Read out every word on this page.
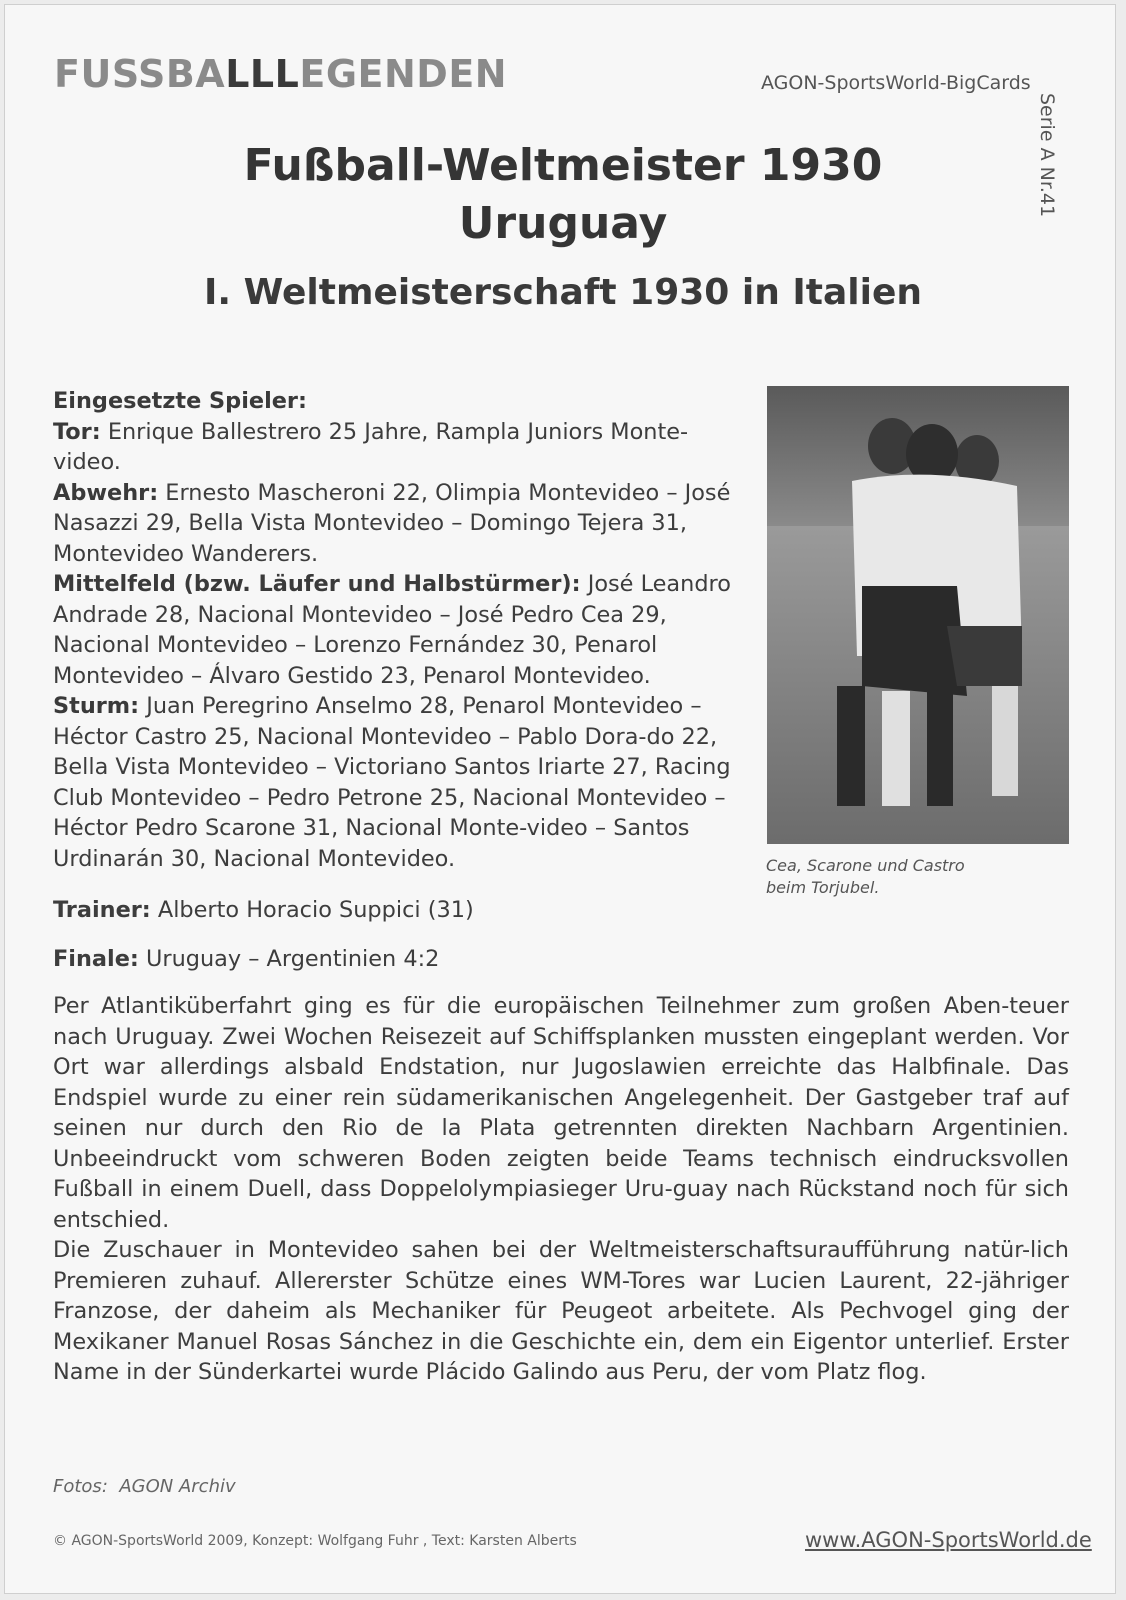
FUSSBALLLEGENDEN	AGON-SportsWorld-BigCards
Serie A Nr.41
Fußball-Weltmeister 1930
Uruguay
I. Weltmeisterschaft 1930 in Italien

Eingesetzte Spieler:

Tor: Enrique Ballestrero 25 Jahre, Rampla Juniors Monte-video.

Abwehr: Ernesto Mascheroni 22, Olimpia Montevideo – José Nasazzi 29, Bella Vista Montevideo – Domingo Tejera 31, Montevideo Wanderers.

Mittelfeld (bzw. Läufer und Halbstürmer): José Leandro Andrade 28, Nacional Montevideo – José Pedro Cea 29, Nacional Montevideo – Lorenzo Fernández 30, Penarol Montevideo – Álvaro Gestido 23, Penarol Montevideo.

Sturm: Juan Peregrino Anselmo 28, Penarol Montevideo – Héctor Castro 25, Nacional Montevideo – Pablo Dora-do 22, Bella Vista Montevideo – Victoriano Santos Iriarte 27, Racing Club Montevideo – Pedro Petrone 25, Nacional Montevideo – Héctor Pedro Scarone 31, Nacional Monte-video – Santos Urdinarán 30, Nacional Montevideo.	Cea, Scarone und Castro
beim Torjubel.
Trainer: Alberto Horacio Suppici (31)
Finale: Uruguay – Argentinien 4:2

Per Atlantiküberfahrt ging es für die europäischen Teilnehmer zum großen Aben-teuer nach Uruguay. Zwei Wochen Reisezeit auf Schiffsplanken mussten eingeplant werden. Vor Ort war allerdings alsbald Endstation, nur Jugoslawien erreichte das Halbfinale. Das Endspiel wurde zu einer rein südamerikanischen Angelegenheit. Der Gastgeber traf auf seinen nur durch den Rio de la Plata getrennten direkten Nachbarn Argentinien. Unbeeindruckt vom schweren Boden zeigten beide Teams technisch eindrucksvollen Fußball in einem Duell, dass Doppelolympiasieger Uru-guay nach Rückstand noch für sich entschied.

Die Zuschauer in Montevideo sahen bei der Weltmeisterschaftsuraufführung natür-lich Premieren zuhauf. Allererster Schütze eines WM-Tores war Lucien Laurent, 22-jähriger Franzose, der daheim als Mechaniker für Peugeot arbeitete. Als Pechvogel ging der Mexikaner Manuel Rosas Sánchez in die Geschichte ein, dem ein Eigentor unterlief. Erster Name in der Sünderkartei wurde Plácido Galindo aus Peru, der vom Platz flog.

Fotos: AGON Archiv
© AGON-SportsWorld 2009, Konzept: Wolfgang Fuhr , Text: Karsten Alberts	www.AGON-SportsWorld.de
